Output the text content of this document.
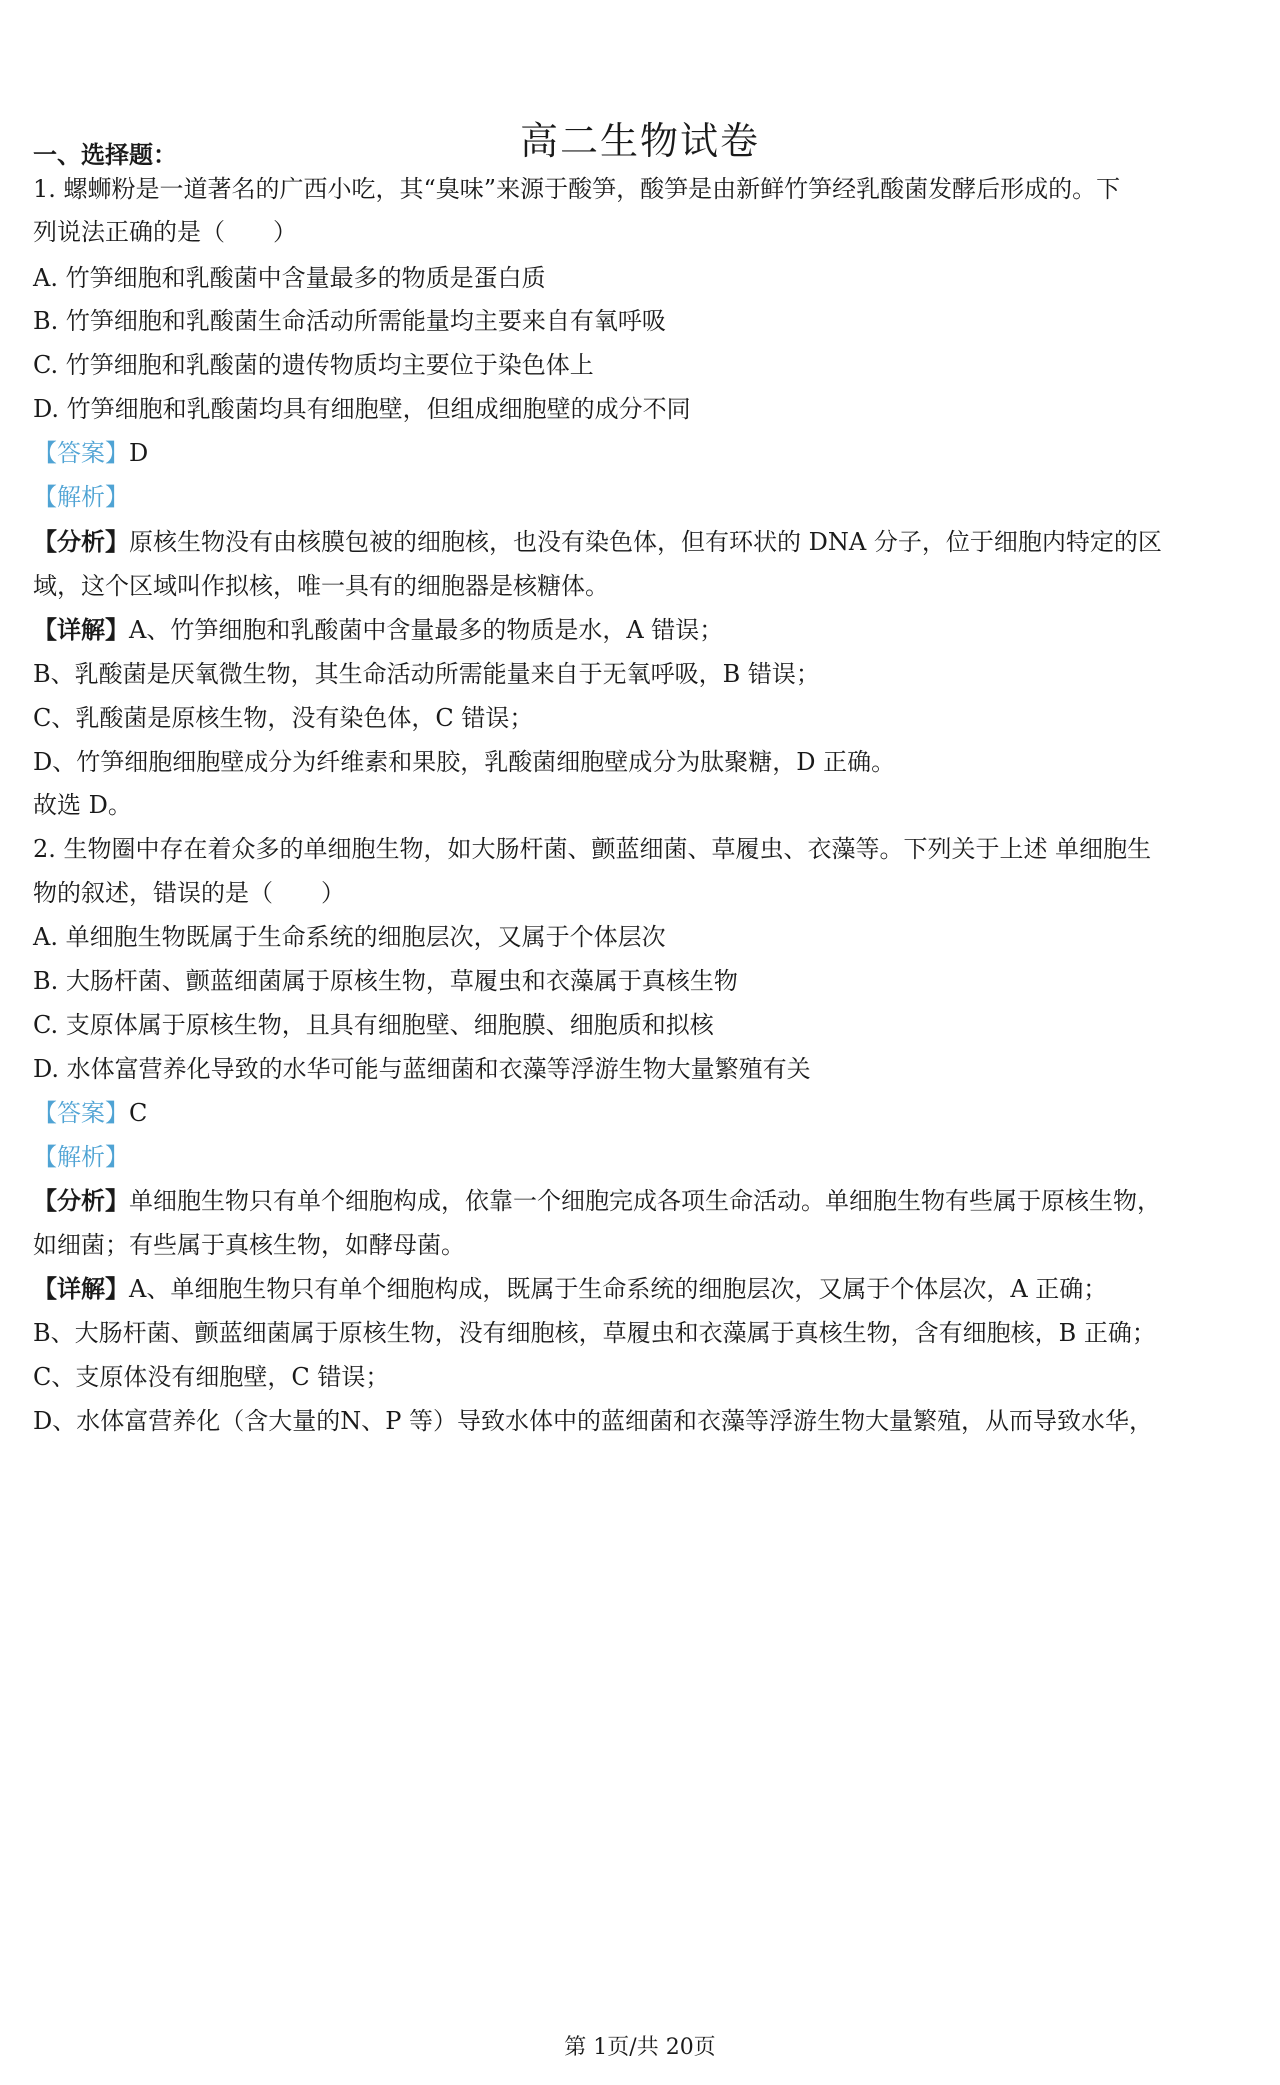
高二生物试卷
一、选择题：
1. 螺蛳粉是一道著名的广西小吃，其“臭味”来源于酸笋，酸笋是由新鲜竹笋经乳酸菌发酵后形成的。下
列说法正确的是（　　）
A. 竹笋细胞和乳酸菌中含量最多的物质是蛋白质
B. 竹笋细胞和乳酸菌生命活动所需能量均主要来自有氧呼吸
C. 竹笋细胞和乳酸菌的遗传物质均主要位于染色体上
D. 竹笋细胞和乳酸菌均具有细胞壁，但组成细胞壁的成分不同
【答案】D
【解析】
【分析】原核生物没有由核膜包被的细胞核，也没有染色体，但有环状的 DNA 分子，位于细胞内特定的区
域，这个区域叫作拟核，唯一具有的细胞器是核糖体。
【详解】A、竹笋细胞和乳酸菌中含量最多的物质是水，A 错误；
B、乳酸菌是厌氧微生物，其生命活动所需能量来自于无氧呼吸，B 错误；
C、乳酸菌是原核生物，没有染色体，C 错误；
D、竹笋细胞细胞壁成分为纤维素和果胶，乳酸菌细胞壁成分为肽聚糖，D 正确。
故选 D。
2. 生物圈中存在着众多的单细胞生物，如大肠杆菌、颤蓝细菌、草履虫、衣藻等。下列关于上述 单细胞生
物的叙述，错误的是（　　）
A. 单细胞生物既属于生命系统的细胞层次，又属于个体层次
B. 大肠杆菌、颤蓝细菌属于原核生物，草履虫和衣藻属于真核生物
C. 支原体属于原核生物，且具有细胞壁、细胞膜、细胞质和拟核
D. 水体富营养化导致的水华可能与蓝细菌和衣藻等浮游生物大量繁殖有关
【答案】C
【解析】
【分析】单细胞生物只有单个细胞构成，依靠一个细胞完成各项生命活动。单细胞生物有些属于原核生物，
如细菌；有些属于真核生物，如酵母菌。
【详解】A、单细胞生物只有单个细胞构成，既属于生命系统的细胞层次，又属于个体层次，A 正确；
B、大肠杆菌、颤蓝细菌属于原核生物，没有细胞核，草履虫和衣藻属于真核生物，含有细胞核，B 正确；
C、支原体没有细胞壁，C 错误；
D、水体富营养化（含大量的N、P 等）导致水体中的蓝细菌和衣藻等浮游生物大量繁殖，从而导致水华，
第 1页/共 20页
